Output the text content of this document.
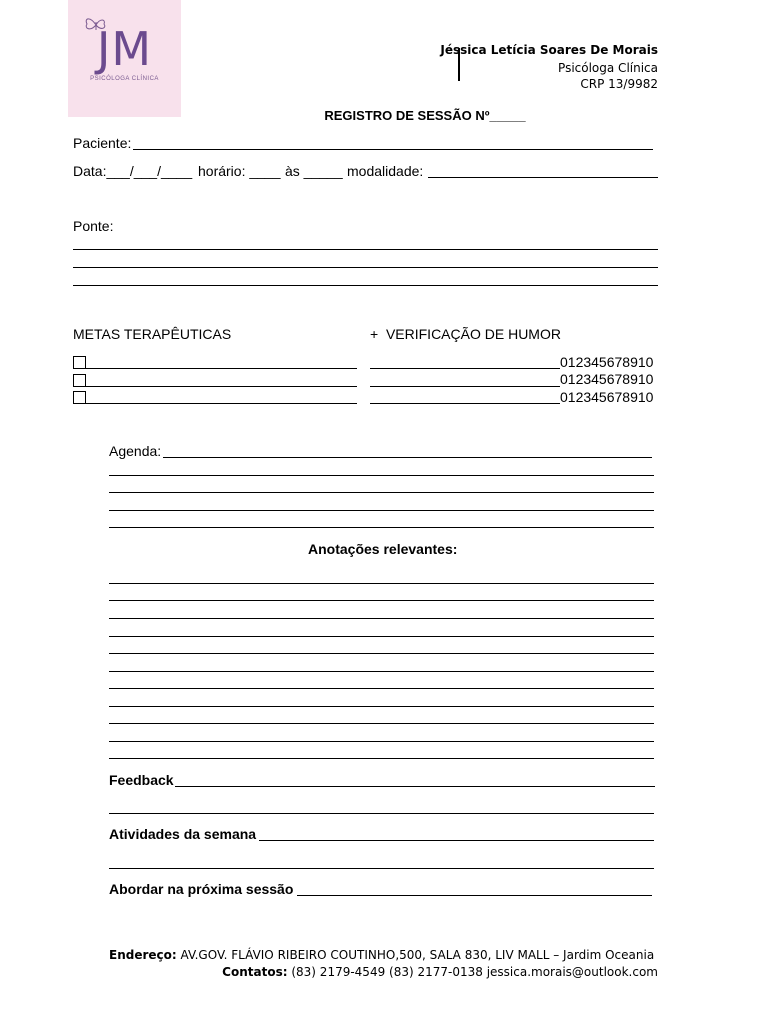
JM
PSICÓLOGA CLÍNICA
Jéssica Letícia Soares De Morais
Psicóloga Clínica
CRP 13/9982
REGISTRO DE SESSÃO Nº_____
Paciente:
Data:___/___/____ horário: ____ às _____ modalidade:
Ponte:
METAS TERAPÊUTICAS	+  VERIFICAÇÃO DE HUMOR
012345678910
012345678910
012345678910
Agenda:
Anotações relevantes:
Feedback
Atividades da semana
Abordar na próxima sessão
Endereço: AV.GOV. FLÁVIO RIBEIRO COUTINHO,500, SALA 830, LIV MALL – Jardim Oceania
Contatos: (83) 2179-4549 (83) 2177-0138 jessica.morais@outlook.com
